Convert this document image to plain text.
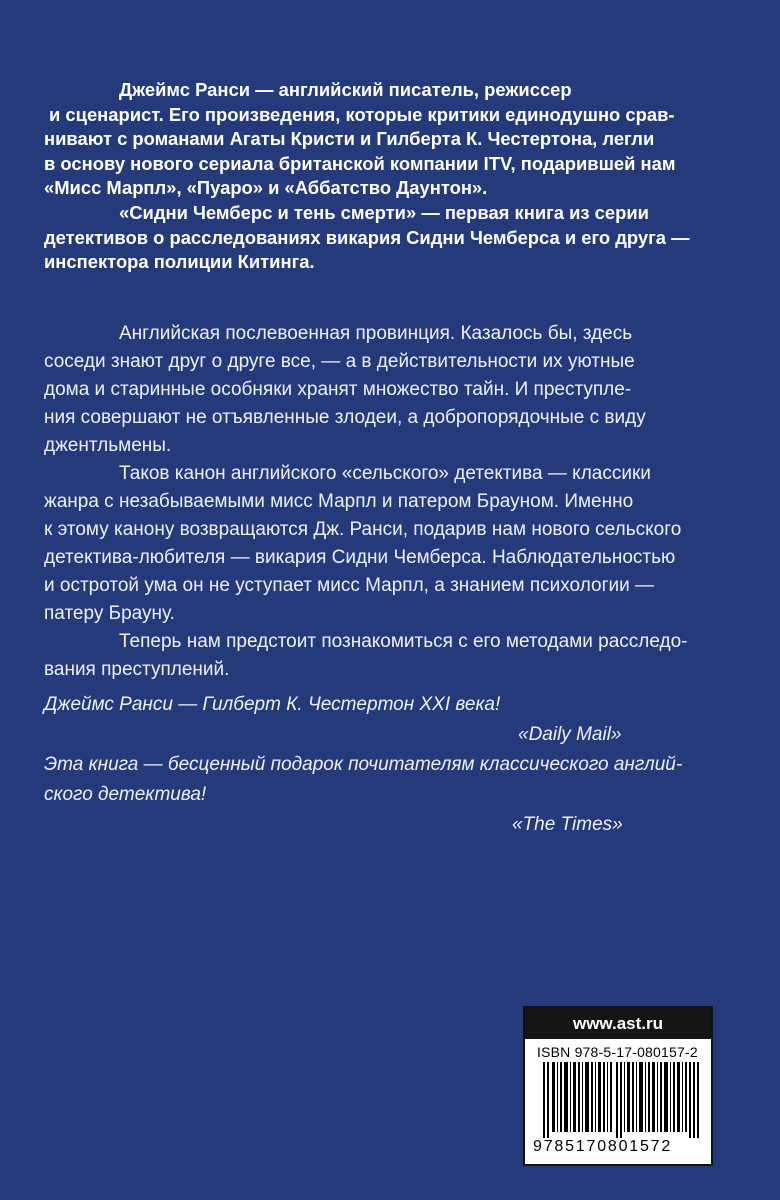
Джеймс Ранси — английский писатель, режиссер

и сценарист. Его произведения, которые критики единодушно срав-

нивают с романами Агаты Кристи и Гилберта К. Честертона, легли

в основу нового сериала британской компании ITV, подарившей нам

«Мисс Марпл», «Пуаро» и «Аббатство Даунтон».

«Сидни Чемберс и тень смерти» — первая книга из серии

детективов о расследованиях викария Сидни Чемберса и его друга —

инспектора полиции Китинга.

Английская послевоенная провинция. Казалось бы, здесь

соседи знают друг о друге все, — а в действительности их уютные

дома и старинные особняки хранят множество тайн. И преступле-

ния совершают не отъявленные злодеи, а добропорядочные с виду

джентльмены.

Таков канон английского «сельского» детектива — классики

жанра с незабываемыми мисс Марпл и патером Брауном. Именно

к этому канону возвращаются Дж. Ранси, подарив нам нового сельского

детектива-любителя — викария Сидни Чемберса. Наблюдательностью

и остротой ума он не уступает мисс Марпл, а знанием психологии —

патеру Брауну.

Теперь нам предстоит познакомиться с его методами расследо-

вания преступлений.

Джеймс Ранси — Гилберт К. Честертон XXI века!

«Daily Mail»

Эта книга — бесценный подарок почитателям классического англий-

ского детектива!

«The Times»

www.ast.ru
ISBN 978-5-17-080157-2
9785170801572
